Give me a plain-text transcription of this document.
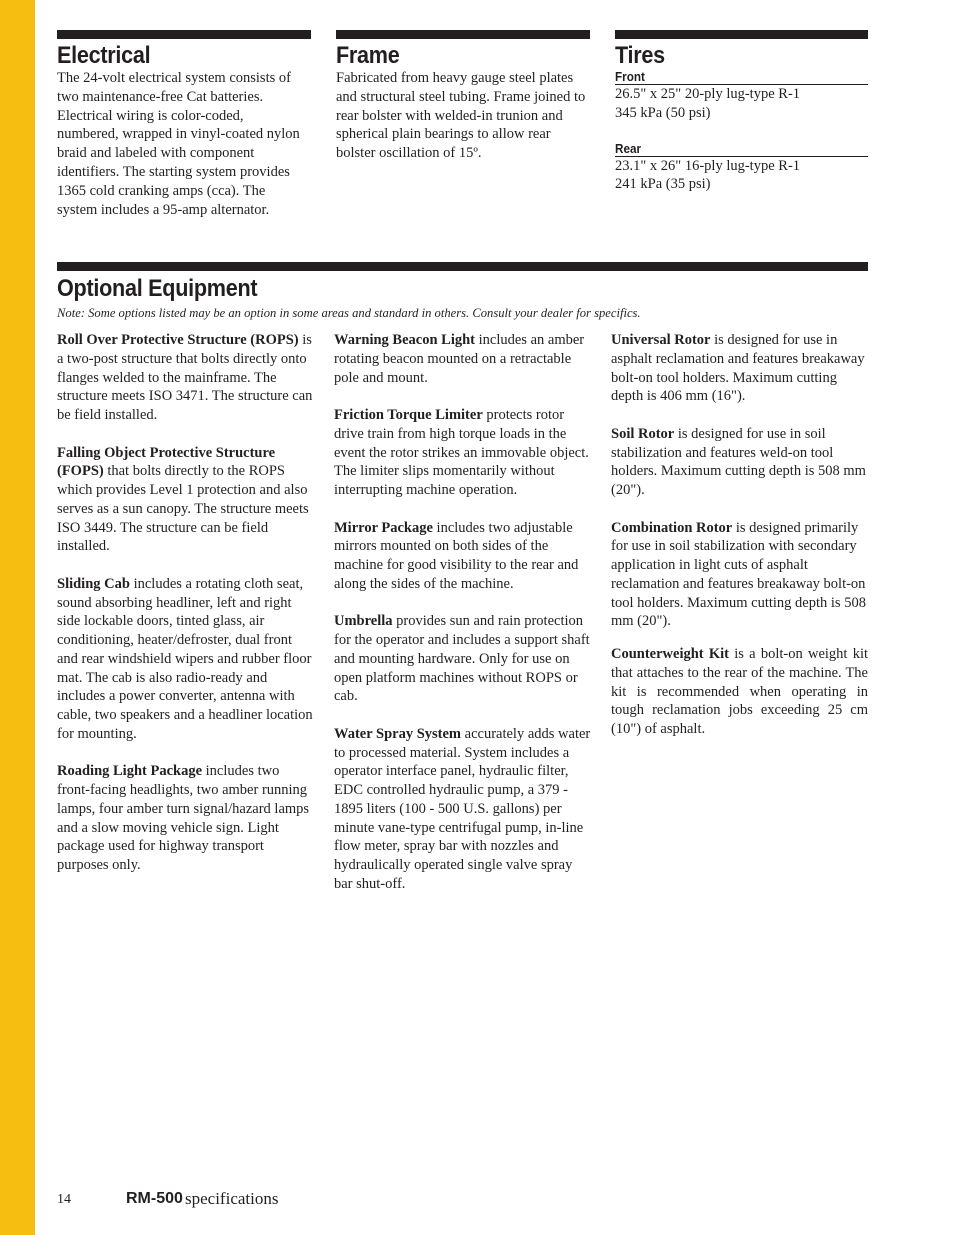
Electrical

The 24-volt electrical system consists of two maintenance-free Cat batteries. Electrical wiring is color-coded, numbered, wrapped in vinyl-coated nylon braid and labeled with component identifiers. The starting system provides 1365 cold cranking amps (cca). The system includes a 95-amp alternator.

Frame

Fabricated from heavy gauge steel plates and structural steel tubing. Frame joined to rear bolster with welded-in trunion and spherical plain bearings to allow rear bolster oscillation of 15º.

Tires
Front
26.5" x 25" 20-ply lug-type R-1
345 kPa (50 psi)
Rear
23.1" x 26" 16-ply lug-type R-1
241 kPa (35 psi)
Optional Equipment
Note: Some options listed may be an option in some areas and standard in others. Consult your dealer for specifics.

Roll Over Protective Structure (ROPS) is a two-post structure that bolts directly onto flanges welded to the mainframe. The structure meets ISO 3471. The structure can be field installed.

Falling Object Protective Structure (FOPS) that bolts directly to the ROPS which provides Level 1 protection and also serves as a sun canopy. The structure meets ISO 3449. The structure can be field installed.

Sliding Cab includes a rotating cloth seat, sound absorbing headliner, left and right side lockable doors, tinted glass, air conditioning, heater/defroster, dual front and rear windshield wipers and rubber floor mat. The cab is also radio-ready and includes a power converter, antenna with cable, two speakers and a headliner location for mounting.

Roading Light Package includes two front-facing headlights, two amber running lamps, four amber turn signal/hazard lamps and a slow moving vehicle sign. Light package used for highway transport purposes only.

Warning Beacon Light includes an amber rotating beacon mounted on a retractable pole and mount.

Friction Torque Limiter protects rotor drive train from high torque loads in the event the rotor strikes an immovable object. The limiter slips momentarily without interrupting machine operation.

Mirror Package includes two adjustable mirrors mounted on both sides of the machine for good visibility to the rear and along the sides of the machine.

Umbrella provides sun and rain protection for the operator and includes a support shaft and mounting hardware. Only for use on open platform machines without ROPS or cab.

Water Spray System accurately adds water to processed material. System includes a operator interface panel, hydraulic filter, EDC controlled hydraulic pump, a 379 - 1895 liters (100 - 500 U.S. gallons) per minute vane-type centrifugal pump, in-line flow meter, spray bar with nozzles and hydraulically operated single valve spray bar shut-off.

Universal Rotor is designed for use in asphalt reclamation and features breakaway bolt-on tool holders. Maximum cutting depth is 406 mm (16").

Soil Rotor is designed for use in soil stabilization and features weld-on tool holders. Maximum cutting depth is 508 mm (20").

Combination Rotor is designed primarily for use in soil stabilization with secondary application in light cuts of asphalt reclamation and features breakaway bolt-on tool holders. Maximum cutting depth is 508 mm (20").

Counterweight Kit is a bolt-on weight kit that attaches to the rear of the machine. The kit is recommended when operating in tough reclamation jobs exceeding 25 cm (10") of asphalt.

14	RM-500 specifications
